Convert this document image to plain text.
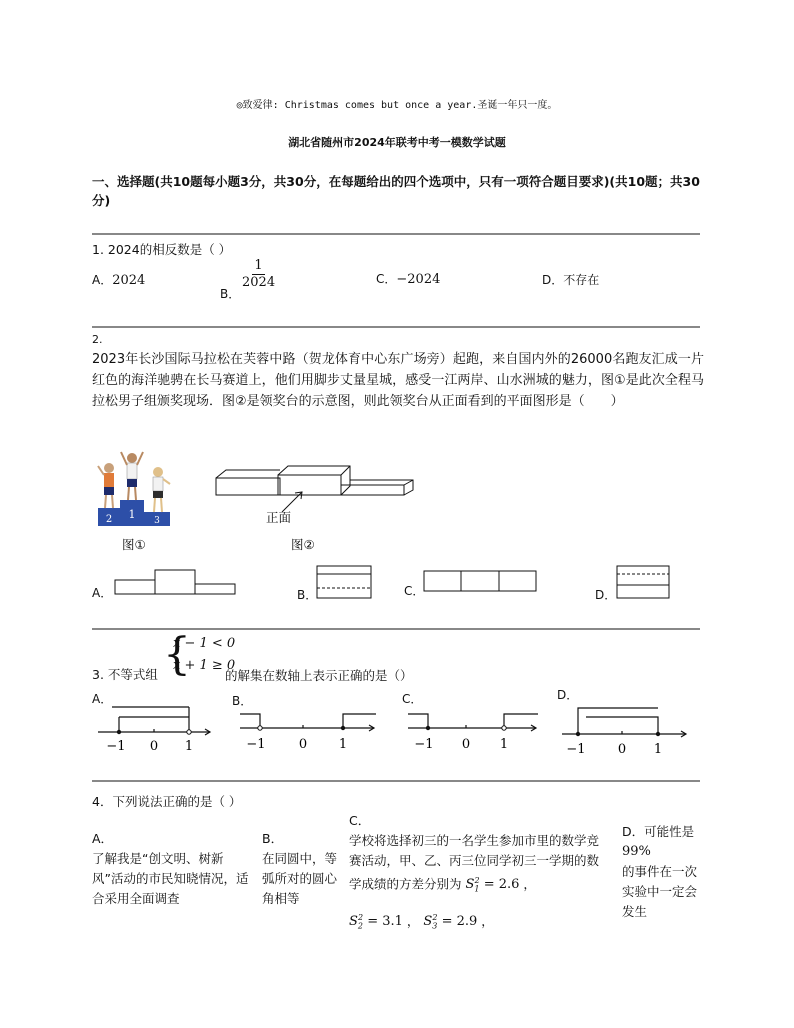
◎致爱律: Christmas comes but once a year.圣诞一年只一度。
湖北省随州市2024年联考中考一模数学试题
一、选择题(共10题每小题3分，共30分，在每题给出的四个选项中，只有一项符合题目要求)(共10题；共30分)
1. 2024的相反数是（ ）
A．2024
B．
$\frac{1}{2024}$	C．−2024	D．不存在
2.
2023年长沙国际马拉松在芙蓉中路（贺龙体育中心东广场旁）起跑，来自国内外的26000名跑友汇成一片红色的海洋驰骋在长马赛道上，他们用脚步丈量星城，感受一江两岸、山水洲城的魅力，图①是此次全程马拉松男子组颁奖现场．图②是领奖台的示意图，则此领奖台从正面看到的平面图形是（　　）
2 1 3	正面
图①	图②
A．	B．	C．	D．
3. 不等式组 {
x − 1 < 0
x + 1 ≥ 0
的解集在数轴上表示正确的是（）
A．
−1 0 1
B．
−1	0 1
C．
−1 0 1
D．
−1 0 1
4．下列说法正确的是（ ）
A．
了解我是“创文明、树新风”活动的市民知晓情况，适合采用全面调查
B．
在同圆中，等弧所对的圆心角相等
C．
学校将选择初三的一名学生参加市里的数学竞赛活动，甲、乙、丙三位同学初三一学期的数学成绩的方差分别为 $S_1^2 = 2.6$ ，
$S_2^2 = 3.1$ ， $S_3^2 = 2.9$ ，
D．可能性是
99%
的事件在一次实验中一定会发生
